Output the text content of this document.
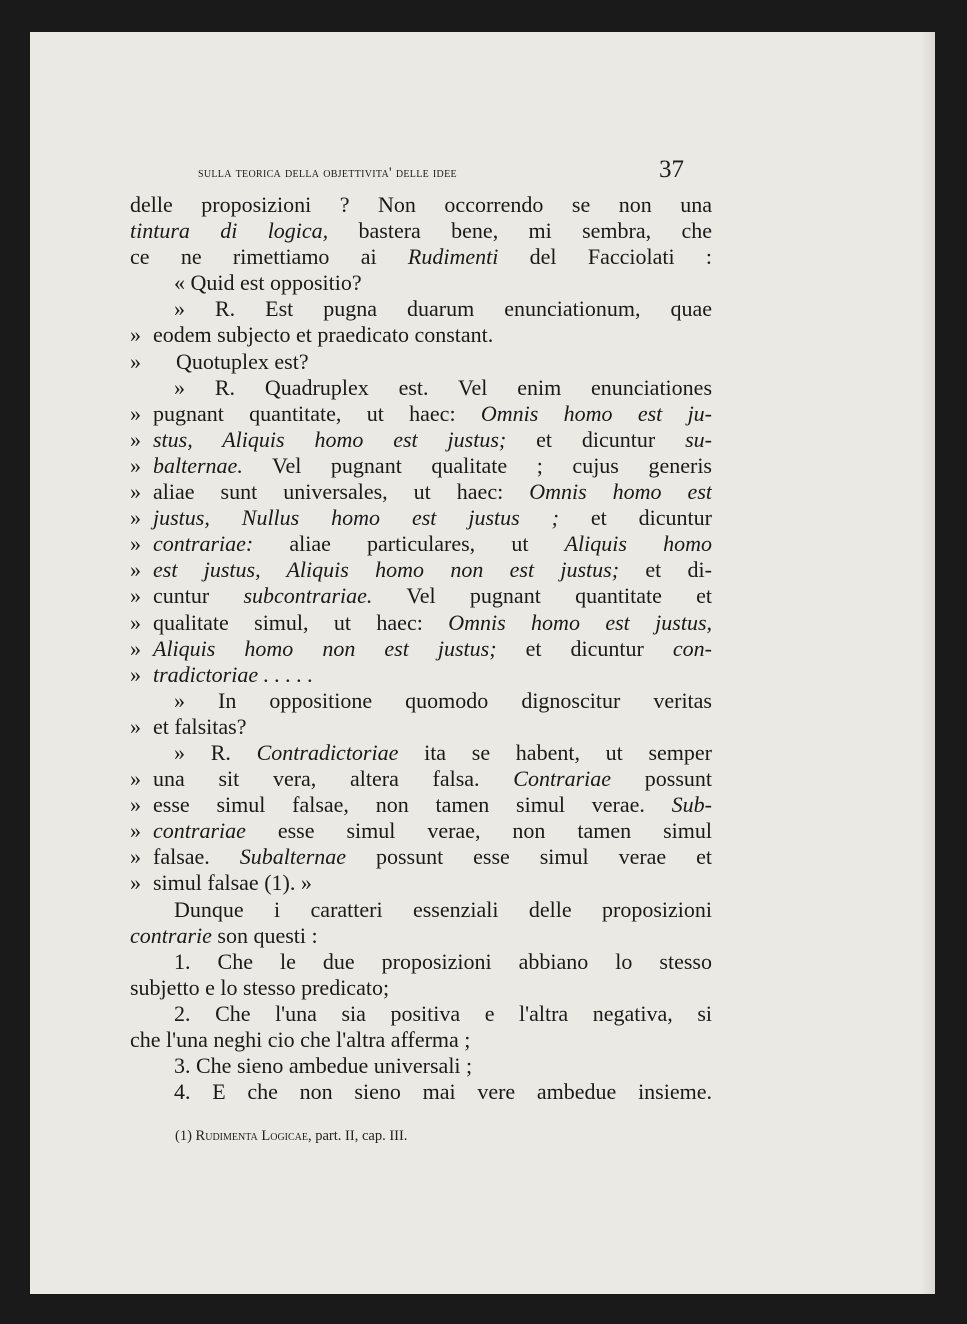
sulla teorica della objettivita' delle idee	37
delle proposizioni ? Non occorrendo se non una
tintura di logica, bastera bene, mi sembra, che
ce ne rimettiamo ai Rudimenti del Facciolati :
« Quid est oppositio?
» R. Est pugna duarum enunciationum, quae
» eodem subjecto et praedicato constant.
» Quotuplex est?
» R. Quadruplex est. Vel enim enunciationes
» pugnant quantitate, ut haec: Omnis homo est ju-
» stus, Aliquis homo est justus; et dicuntur su-
» balternae. Vel pugnant qualitate ; cujus generis
» aliae sunt universales, ut haec: Omnis homo est
» justus, Nullus homo est justus ; et dicuntur
» contrariae: aliae particulares, ut Aliquis homo
» est justus, Aliquis homo non est justus; et di-
» cuntur subcontrariae. Vel pugnant quantitate et
» qualitate simul, ut haec: Omnis homo est justus,
» Aliquis homo non est justus; et dicuntur con-
» tradictoriae . . . . .
» In oppositione quomodo dignoscitur veritas
» et falsitas?
» R. Contradictoriae ita se habent, ut semper
» una sit vera, altera falsa. Contrariae possunt
» esse simul falsae, non tamen simul verae. Sub-
» contrariae esse simul verae, non tamen simul
» falsae. Subalternae possunt esse simul verae et
» simul falsae (1). »
Dunque i caratteri essenziali delle proposizioni
contrarie son questi :
1. Che le due proposizioni abbiano lo stesso
subjetto e lo stesso predicato;
2. Che l'una sia positiva e l'altra negativa, si
che l'una neghi cio che l'altra afferma ;
3. Che sieno ambedue universali ;
4. E che non sieno mai vere ambedue insieme.
(1) Rudimenta Logicae, part. II, cap. III.
